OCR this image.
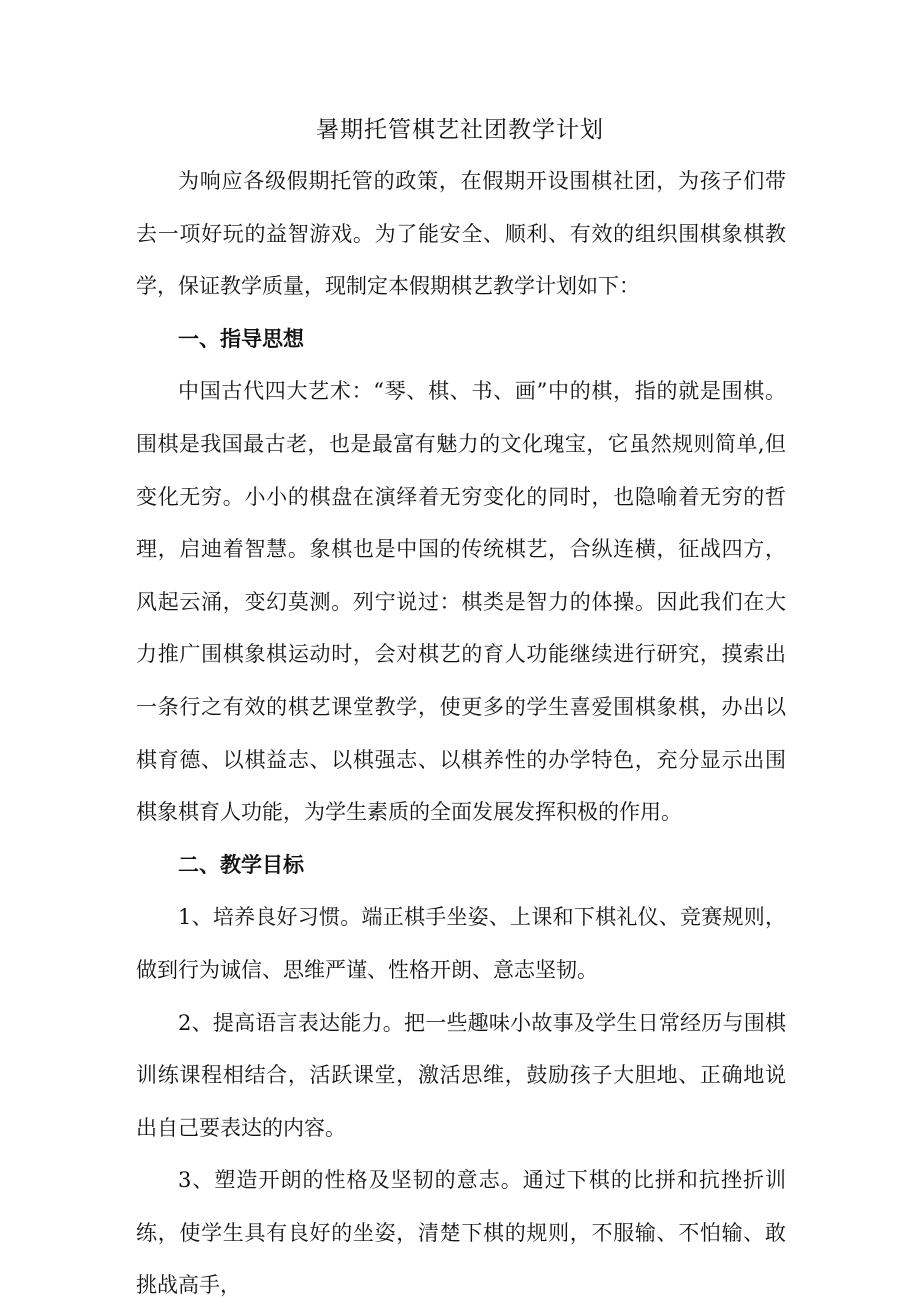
暑期托管棋艺社团教学计划

为响应各级假期托管的政策，在假期开设围棋社团，为孩子们带去一项好玩的益智游戏。为了能安全、顺利、有效的组织围棋象棋教学，保证教学质量，现制定本假期棋艺教学计划如下：

一、指导思想

中国古代四大艺术：“琴、棋、书、画”中的棋，指的就是围棋。围棋是我国最古老，也是最富有魅力的文化瑰宝，它虽然规则简单,但变化无穷。小小的棋盘在演绎着无穷变化的同时，也隐喻着无穷的哲理，启迪着智慧。象棋也是中国的传统棋艺，合纵连横，征战四方，风起云涌，变幻莫测。列宁说过：棋类是智力的体操。因此我们在大力推广围棋象棋运动时，会对棋艺的育人功能继续进行研究，摸索出一条行之有效的棋艺课堂教学，使更多的学生喜爱围棋象棋，办出以棋育德、以棋益志、以棋强志、以棋养性的办学特色，充分显示出围棋象棋育人功能，为学生素质的全面发展发挥积极的作用。

二、教学目标

1、培养良好习惯。端正棋手坐姿、上课和下棋礼仪、竞赛规则，做到行为诚信、思维严谨、性格开朗、意志坚韧。

2、提高语言表达能力。把一些趣味小故事及学生日常经历与围棋训练课程相结合，活跃课堂，激活思维，鼓励孩子大胆地、正确地说出自己要表达的内容。

3、塑造开朗的性格及坚韧的意志。通过下棋的比拼和抗挫折训练，使学生具有良好的坐姿，清楚下棋的规则，不服输、不怕输、敢挑战高手，
